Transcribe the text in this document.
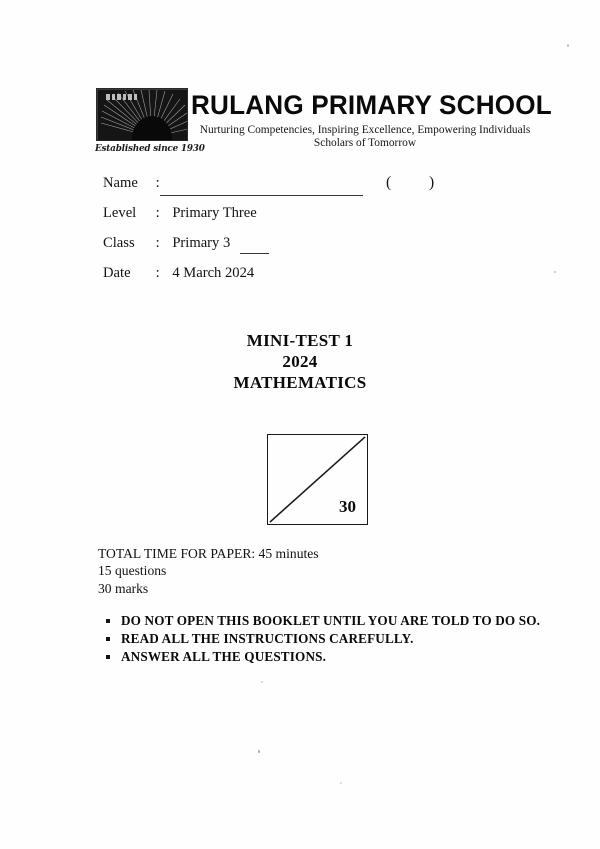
RULANG PRIMARY SCHOOL
Nurturing Competencies, Inspiring Excellence, Empowering Individuals
Scholars of Tomorrow
Established since 1930
Name :
Level : Primary Three
Class : Primary 3
Date : 4 March 2024
( )
MINI-TEST 1
2024
MATHEMATICS
30
TOTAL TIME FOR PAPER: 45 minutes
15 questions
30 marks
DO NOT OPEN THIS BOOKLET UNTIL YOU ARE TOLD TO DO SO.
READ ALL THE INSTRUCTIONS CAREFULLY.
ANSWER ALL THE QUESTIONS.
